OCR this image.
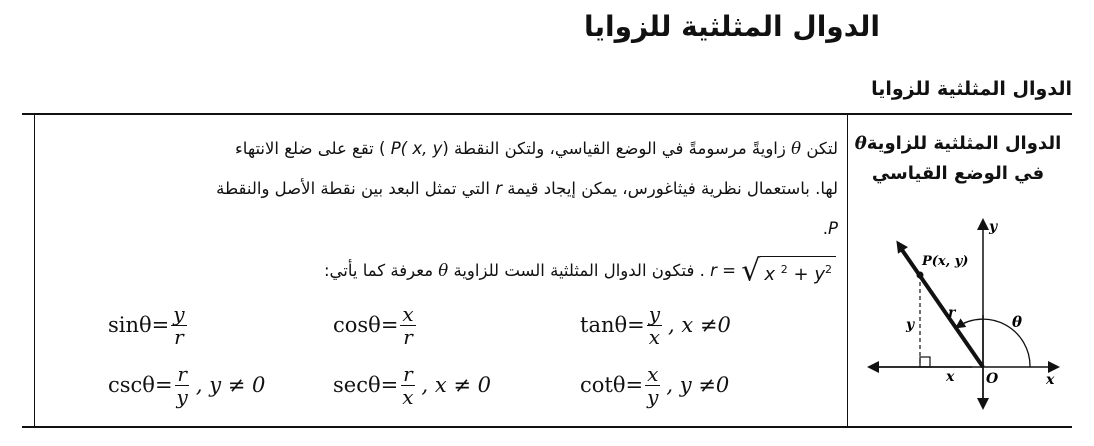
الدوال المثلثية للزوايا
الدوال المثلثية للزوايا
الدوال المثلثية للزاويةθ
في الوضع القياسي
P(x, y)
r	θ
x
y
O	x
y
لتكن θ زاويةً مرسومةً في الوضع القياسي، ولتكن النقطة (P( x, y ) تقع على ضلع الانتهاء
لها. باستعمال نظرية فيثاغورس، يمكن إيجاد قيمة r التي تمثل البعد بين نقطة الأصل والنقطة
P.
r = √ x $^2 + y^2$ . فتكون الدوال المثلثية الست للزاوية θ معرفة كما يأتي:
$\sin\theta= \frac{y}{r}$	$\cos\theta= \frac{x}{r}$	$\tan\theta= \frac{y}{x}$ , x ≠0
$\csc\theta= \frac{r}{y}$ , y ≠ 0	$\sec\theta= \frac{r}{x}$ , x ≠ 0	$\cot\theta= \frac{x}{y}$ , y ≠0
